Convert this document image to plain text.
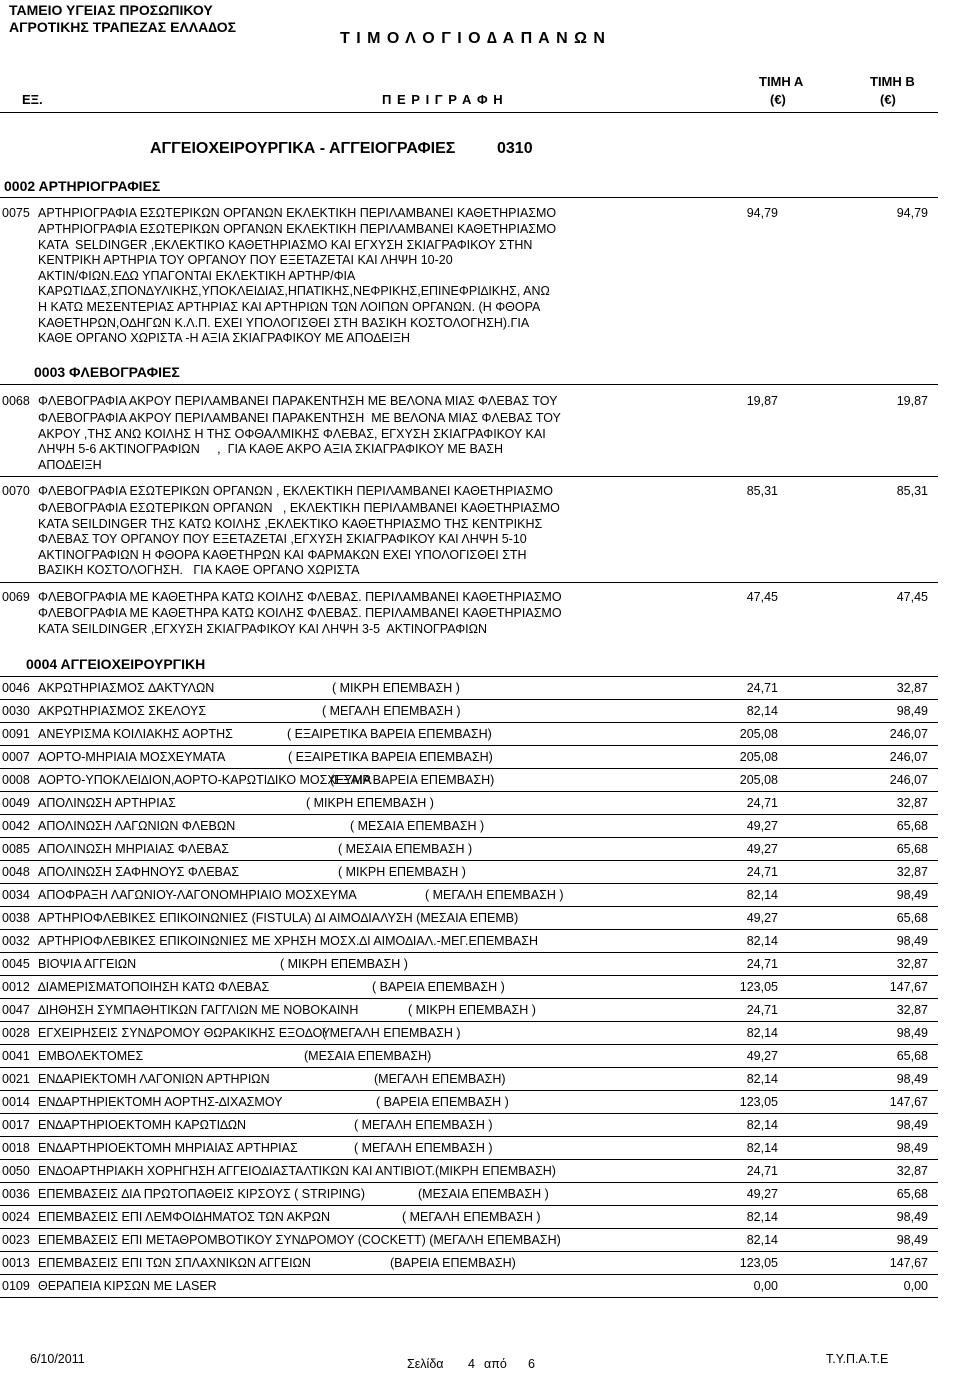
ΤΑΜΕΙΟ ΥΓΕΙΑΣ ΠΡΟΣΩΠΙΚΟΥ
ΑΓΡΟΤΙΚΗΣ ΤΡΑΠΕΖΑΣ ΕΛΛΑ∆ΟΣ
Τ Ι Μ Ο Λ Ο Γ Ι Ο ∆ Α Π Α Ν Ω Ν
ΕΞ.	Π Ε Ρ Ι Γ Ρ Α Φ Η
ΤΙΜΗ Α	ΤΙΜΗ Β
(€)	(€)
ΑΓΓΕΙΟΧΕΙΡΟΥΡΓΙΚΑ - ΑΓΓΕΙΟΓΡΑΦΙΕΣ	0310
0002 ΑΡΤΗΡΙΟΓΡΑΦΙΕΣ
0075 ΑΡΤΗΡΙΟΓΡΑΦΙΑ ΕΣΩΤΕΡΙΚΩΝ ΟΡΓΑΝΩΝ ΕΚΛΕΚΤΙΚΗ ΠΕΡΙΛΑΜΒΑΝΕΙ ΚΑΘΕΤΗΡΙΑΣΜΟ	94,79	94,79
ΑΡΤΗΡΙΟΓΡΑΦΙΑ ΕΣΩΤΕΡΙΚΩΝ ΟΡΓΑΝΩΝ ΕΚΛΕΚΤΙΚΗ ΠΕΡΙΛΑΜΒΑΝΕΙ ΚΑΘΕΤΗΡΙΑΣΜΟ
ΚΑΤΑ  SELDINGER ,ΕΚΛΕΚΤΙΚΟ ΚΑΘΕΤΗΡΙΑΣΜΟ ΚΑΙ ΕΓΧΥΣΗ ΣΚΙΑΓΡΑΦΙΚΟΥ ΣΤΗΝ
ΚΕΝΤΡΙΚΗ ΑΡΤΗΡΙΑ ΤΟΥ ΟΡΓΑΝΟΥ ΠΟΥ ΕΞΕΤΑΖΕΤΑΙ ΚΑΙ ΛΗΨΗ 10-20
ΑΚΤΙΝ/ΦΙΩΝ.Ε∆Ω ΥΠΑΓΟΝΤΑΙ ΕΚΛΕΚΤΙΚΗ ΑΡΤΗΡ/ΦΙΑ
ΚΑΡΩΤΙ∆ΑΣ,ΣΠΟΝ∆ΥΛΙΚΗΣ,ΥΠΟΚΛΕΙ∆ΙΑΣ,ΗΠΑΤΙΚΗΣ,ΝΕΦΡΙΚΗΣ,ΕΠΙΝΕΦΡΙ∆ΙΚΗΣ, ΑΝΩ
Η ΚΑΤΩ ΜΕΣΕΝΤΕΡΙΑΣ ΑΡΤΗΡΙΑΣ ΚΑΙ ΑΡΤΗΡΙΩΝ ΤΩΝ ΛΟΙΠΩΝ ΟΡΓΑΝΩΝ. (Η ΦΘΟΡΑ
ΚΑΘΕΤΗΡΩΝ,Ο∆ΗΓΩΝ Κ.Λ.Π. ΕΧΕΙ ΥΠΟΛΟΓΙΣΘΕΙ ΣΤΗ ΒΑΣΙΚΗ ΚΟΣΤΟΛΟΓΗΣΗ).ΓΙΑ
ΚΑΘΕ ΟΡΓΑΝΟ ΧΩΡΙΣΤΑ -Η ΑΞΙΑ ΣΚΙΑΓΡΑΦΙΚΟΥ ΜΕ ΑΠΟ∆ΕΙΞΗ
0003 ΦΛΕΒΟΓΡΑΦΙΕΣ
0068 ΦΛΕΒΟΓΡΑΦΙΑ ΑΚΡΟΥ ΠΕΡΙΛΑΜΒΑΝΕΙ ΠΑΡΑΚΕΝΤΗΣΗ ΜΕ ΒΕΛΟΝΑ ΜΙΑΣ ΦΛΕΒΑΣ ΤΟΥ	19,87	19,87
ΦΛΕΒΟΓΡΑΦΙΑ ΑΚΡΟΥ ΠΕΡΙΛΑΜΒΑΝΕΙ ΠΑΡΑΚΕΝΤΗΣΗ  ΜΕ ΒΕΛΟΝΑ ΜΙΑΣ ΦΛΕΒΑΣ ΤΟΥ
ΑΚΡΟΥ ,ΤΗΣ ΑΝΩ ΚΟΙΛΗΣ Η ΤΗΣ ΟΦΘΑΛΜΙΚΗΣ ΦΛΕΒΑΣ, ΕΓΧΥΣΗ ΣΚΙΑΓΡΑΦΙΚΟΥ ΚΑΙ
ΛΗΨΗ 5-6 ΑΚΤΙΝΟΓΡΑΦΙΩΝ     ,  ΓΙΑ ΚΑΘΕ ΑΚΡΟ ΑΞΙΑ ΣΚΙΑΓΡΑΦΙΚΟΥ ΜΕ ΒΑΣΗ
ΑΠΟ∆ΕΙΞΗ
0070 ΦΛΕΒΟΓΡΑΦΙΑ ΕΣΩΤΕΡΙΚΩΝ ΟΡΓΑΝΩΝ , ΕΚΛΕΚΤΙΚΗ ΠΕΡΙΛΑΜΒΑΝΕΙ ΚΑΘΕΤΗΡΙΑΣΜΟ	85,31	85,31
ΦΛΕΒΟΓΡΑΦΙΑ ΕΣΩΤΕΡΙΚΩΝ ΟΡΓΑΝΩΝ   , ΕΚΛΕΚΤΙΚΗ ΠΕΡΙΛΑΜΒΑΝΕΙ ΚΑΘΕΤΗΡΙΑΣΜΟ
ΚΑΤΑ SEILDINGER ΤΗΣ ΚΑΤΩ ΚΟΙΛΗΣ ,ΕΚΛΕΚΤΙΚΟ ΚΑΘΕΤΗΡΙΑΣΜΟ ΤΗΣ ΚΕΝΤΡΙΚΗΣ
ΦΛΕΒΑΣ ΤΟΥ ΟΡΓΑΝΟΥ ΠΟΥ ΕΞΕΤΑΖΕΤΑΙ ,ΕΓΧΥΣΗ ΣΚΙΑΓΡΑΦΙΚΟΥ ΚΑΙ ΛΗΨΗ 5-10
ΑΚΤΙΝΟΓΡΑΦΙΩΝ Η ΦΘΟΡΑ ΚΑΘΕΤΗΡΩΝ ΚΑΙ ΦΑΡΜΑΚΩΝ ΕΧΕΙ ΥΠΟΛΟΓΙΣΘΕΙ ΣΤΗ
ΒΑΣΙΚΗ ΚΟΣΤΟΛΟΓΗΣΗ.   ΓΙΑ ΚΑΘΕ ΟΡΓΑΝΟ ΧΩΡΙΣΤΑ
0069 ΦΛΕΒΟΓΡΑΦΙΑ ΜΕ ΚΑΘΕΤΗΡΑ ΚΑΤΩ ΚΟΙΛΗΣ ΦΛΕΒΑΣ. ΠΕΡΙΛΑΜΒΑΝΕΙ ΚΑΘΕΤΗΡΙΑΣΜΟ	47,45	47,45
ΦΛΕΒΟΓΡΑΦΙΑ ΜΕ ΚΑΘΕΤΗΡΑ ΚΑΤΩ ΚΟΙΛΗΣ ΦΛΕΒΑΣ. ΠΕΡΙΛΑΜΒΑΝΕΙ ΚΑΘΕΤΗΡΙΑΣΜΟ
ΚΑΤΑ SEILDINGER ,ΕΓΧΥΣΗ ΣΚΙΑΓΡΑΦΙΚΟΥ ΚΑΙ ΛΗΨΗ 3-5  ΑΚΤΙΝΟΓΡΑΦΙΩΝ
0004 ΑΓΓΕΙΟΧΕΙΡΟΥΡΓΙΚΗ
0046 ΑΚΡΩΤΗΡΙΑΣΜΟΣ ∆ΑΚΤΥΛΩΝ	( ΜΙΚΡΗ ΕΠΕΜΒΑΣΗ )	24,71	32,87
0030 ΑΚΡΩΤΗΡΙΑΣΜΟΣ ΣΚΕΛΟΥΣ	( ΜΕΓΑΛΗ ΕΠΕΜΒΑΣΗ )	82,14	98,49
0091 ΑΝΕΥΡΙΣΜΑ ΚΟΙΛΙΑΚΗΣ ΑΟΡΤΗΣ	( ΕΞΑΙΡΕΤΙΚΑ ΒΑΡΕΙΑ ΕΠΕΜΒΑΣΗ)	205,08	246,07
0007 ΑΟΡΤΟ-ΜΗΡΙΑΙΑ ΜΟΣΧΕΥΜΑΤΑ	( ΕΞΑΙΡΕΤΙΚΑ ΒΑΡΕΙΑ ΕΠΕΜΒΑΣΗ)	205,08	246,07
0008 ΑΟΡΤΟ-ΥΠΟΚΛΕΙ∆ΙΟΝ,ΑΟΡΤΟ-ΚΑΡΩΤΙ∆ΙΚΟ ΜΟΣΧΕΥΜΑ
(ΕΞΑΙΡ.ΒΑΡΕΙΑ ΕΠΕΜΒΑΣΗ)	205,08	246,07
0049 ΑΠΟΛΙΝΩΣΗ ΑΡΤΗΡΙΑΣ	( ΜΙΚΡΗ ΕΠΕΜΒΑΣΗ )	24,71	32,87
0042 ΑΠΟΛΙΝΩΣΗ ΛΑΓΩΝΙΩΝ ΦΛΕΒΩΝ	( ΜΕΣΑΙΑ ΕΠΕΜΒΑΣΗ )	49,27	65,68
0085 ΑΠΟΛΙΝΩΣΗ ΜΗΡΙΑΙΑΣ ΦΛΕΒΑΣ	( ΜΕΣΑΙΑ ΕΠΕΜΒΑΣΗ )	49,27	65,68
0048 ΑΠΟΛΙΝΩΣΗ ΣΑΦΗΝΟΥΣ ΦΛΕΒΑΣ	( ΜΙΚΡΗ ΕΠΕΜΒΑΣΗ )	24,71	32,87
0034 ΑΠΟΦΡΑΞΗ ΛΑΓΩΝΙΟΥ-ΛΑΓΟΝΟΜΗΡΙΑΙΟ ΜΟΣΧΕΥΜΑ	( ΜΕΓΑΛΗ ΕΠΕΜΒΑΣΗ )	82,14	98,49
0038 ΑΡΤΗΡΙΟΦΛΕΒΙΚΕΣ ΕΠΙΚΟΙΝΩΝΙΕΣ (FISTULA) ∆Ι ΑΙΜΟ∆ΙΑΛΥΣΗ (ΜΕΣΑΙΑ ΕΠΕΜΒ)	49,27	65,68
0032 ΑΡΤΗΡΙΟΦΛΕΒΙΚΕΣ ΕΠΙΚΟΙΝΩΝΙΕΣ ΜΕ ΧΡΗΣΗ ΜΟΣΧ.∆Ι ΑΙΜΟ∆ΙΑΛ.-ΜΕΓ.ΕΠΕΜΒΑΣΗ	82,14	98,49
0045 ΒΙΟΨΙΑ ΑΓΓΕΙΩΝ	( ΜΙΚΡΗ ΕΠΕΜΒΑΣΗ )	24,71	32,87
0012 ∆ΙΑΜΕΡΙΣΜΑΤΟΠΟΙΗΣΗ ΚΑΤΩ ΦΛΕΒΑΣ	( ΒΑΡΕΙΑ ΕΠΕΜΒΑΣΗ )	123,05	147,67
0047 ∆ΙΗΘΗΣΗ ΣΥΜΠΑΘΗΤΙΚΩΝ ΓΑΓΓΛΙΩΝ ΜΕ ΝΟΒΟΚΑΙΝΗ	( ΜΙΚΡΗ ΕΠΕΜΒΑΣΗ )	24,71	32,87
0028 ΕΓΧΕΙΡΗΣΕΙΣ ΣΥΝ∆ΡΟΜΟΥ ΘΩΡΑΚΙΚΗΣ ΕΞΟ∆ΟΥ
( ΜΕΓΑΛΗ ΕΠΕΜΒΑΣΗ )	82,14	98,49
0041 ΕΜΒΟΛΕΚΤΟΜΕΣ	(ΜΕΣΑΙΑ ΕΠΕΜΒΑΣΗ)	49,27	65,68
0021 ΕΝ∆ΑΡΙΕΚΤΟΜΗ ΛΑΓΟΝΙΩΝ ΑΡΤΗΡΙΩΝ	(ΜΕΓΑΛΗ ΕΠΕΜΒΑΣΗ)	82,14	98,49
0014 ΕΝ∆ΑΡΤΗΡΙΕΚΤΟΜΗ ΑΟΡΤΗΣ-∆ΙΧΑΣΜΟΥ	( ΒΑΡΕΙΑ ΕΠΕΜΒΑΣΗ )	123,05	147,67
0017 ΕΝ∆ΑΡΤΗΡΙΟΕΚΤΟΜΗ ΚΑΡΩΤΙ∆ΩΝ	( ΜΕΓΑΛΗ ΕΠΕΜΒΑΣΗ )	82,14	98,49
0018 ΕΝ∆ΑΡΤΗΡΙΟΕΚΤΟΜΗ ΜΗΡΙΑΙΑΣ ΑΡΤΗΡΙΑΣ	( ΜΕΓΑΛΗ ΕΠΕΜΒΑΣΗ )	82,14	98,49
0050 ΕΝ∆ΟΑΡΤΗΡΙΑΚΗ ΧΟΡΗΓΗΣΗ ΑΓΓΕΙΟ∆ΙΑΣΤΑΛΤΙΚΩΝ ΚΑΙ ΑΝΤΙΒΙΟΤ.(ΜΙΚΡΗ ΕΠΕΜΒΑΣΗ)	24,71	32,87
0036 ΕΠΕΜΒΑΣΕΙΣ ∆ΙΑ ΠΡΩΤΟΠΑΘΕΙΣ ΚΙΡΣΟΥΣ ( STRIPING)	(ΜΕΣΑΙΑ ΕΠΕΜΒΑΣΗ )	49,27	65,68
0024 ΕΠΕΜΒΑΣΕΙΣ ΕΠΙ ΛΕΜΦΟΙ∆ΗΜΑΤΟΣ ΤΩΝ ΑΚΡΩΝ	( ΜΕΓΑΛΗ ΕΠΕΜΒΑΣΗ )	82,14	98,49
0023 ΕΠΕΜΒΑΣΕΙΣ ΕΠΙ ΜΕΤΑΘΡΟΜΒΟΤΙΚΟΥ ΣΥΝ∆ΡΟΜΟΥ (COCKETT) (ΜΕΓΑΛΗ ΕΠΕΜΒΑΣΗ)	82,14	98,49
0013 ΕΠΕΜΒΑΣΕΙΣ ΕΠΙ ΤΩΝ ΣΠΛΑΧΝΙΚΩΝ ΑΓΓΕΙΩΝ	(ΒΑΡΕΙΑ ΕΠΕΜΒΑΣΗ)	123,05	147,67
0109 ΘΕΡΑΠΕΙΑ ΚΙΡΣΩΝ ΜΕ LASER	0,00	0,00
6/10/2011	Σελίδα 4 από 6	Τ.Υ.Π.Α.Τ.Ε
